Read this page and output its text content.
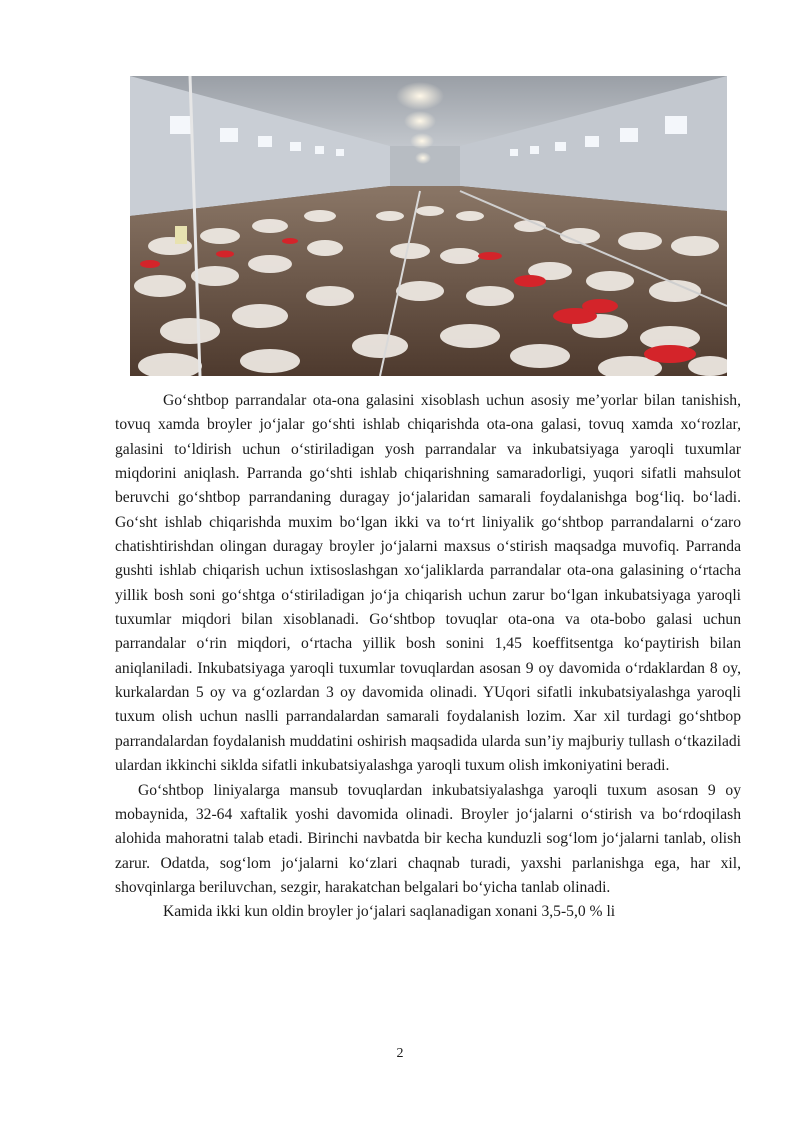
Go‘shtbop parrandalar ota-ona galasini xisoblash uchun asosiy me’yorlar bilan tanishish, tovuq xamda broyler jo‘jalar go‘shti ishlab chiqarishda ota-ona galasi, tovuq xamda xo‘rozlar, galasini to‘ldirish uchun o‘stiriladigan yosh parrandalar va inkubatsiyaga yaroqli tuxumlar miqdorini aniqlash. Parranda go‘shti ishlab chiqarishning samaradorligi, yuqori sifatli mahsulot beruvchi go‘shtbop parrandaning duragay jo‘jalaridan samarali foydalanishga bog‘liq. bo‘ladi. Go‘sht ishlab chiqarishda muxim bo‘lgan ikki va to‘rt liniyalik go‘shtbop parrandalarni o‘zaro chatishtirishdan olingan duragay broyler jo‘jalarni maxsus o‘stirish maqsadga muvofiq. Parranda gushti ishlab chiqarish uchun ixtisoslashgan xo‘jaliklarda parrandalar ota-ona galasining o‘rtacha yillik bosh soni go‘shtga o‘stiriladigan jo‘ja chiqarish uchun zarur bo‘lgan inkubatsiyaga yaroqli tuxumlar miqdori bilan xisoblanadi. Go‘shtbop tovuqlar ota-ona va ota-bobo galasi uchun parrandalar o‘rin miqdori, o‘rtacha yillik bosh sonini 1,45 koeffitsentga ko‘paytirish bilan aniqlaniladi. Inkubatsiyaga yaroqli tuxumlar tovuqlardan asosan 9 oy davomida o‘rdaklardan 8 oy, kurkalardan 5 oy va g‘ozlardan 3 oy davomida olinadi. YUqori sifatli inkubatsiyalashga yaroqli tuxum olish uchun naslli parrandalardan samarali foydalanish lozim. Xar xil turdagi go‘shtbop parrandalardan foydalanish muddatini oshirish maqsadida ularda sun’iy majburiy tullash o‘tkaziladi ulardan ikkinchi siklda sifatli inkubatsiyalashga yaroqli tuxum olish imkoniyatini beradi.

Go‘shtbop liniyalarga mansub tovuqlardan inkubatsiyalashga yaroqli tuxum asosan 9 oy mobaynida, 32-64 xaftalik yoshi davomida olinadi. Broyler jo‘jalarni o‘stirish va bo‘rdoqilash alohida mahoratni talab etadi. Birinchi navbatda bir kecha kunduzli sog‘lom jo‘jalarni tanlab, olish zarur. Odatda, sog‘lom jo‘jalarni ko‘zlari chaqnab turadi, yaxshi parlanishga ega, har xil, shovqinlarga beriluvchan, sezgir, harakatchan belgalari bo‘yicha tanlab olinadi.

Kamida ikki kun oldin broyler jo‘jalari saqlanadigan xonani 3,5-5,0 % li

2
